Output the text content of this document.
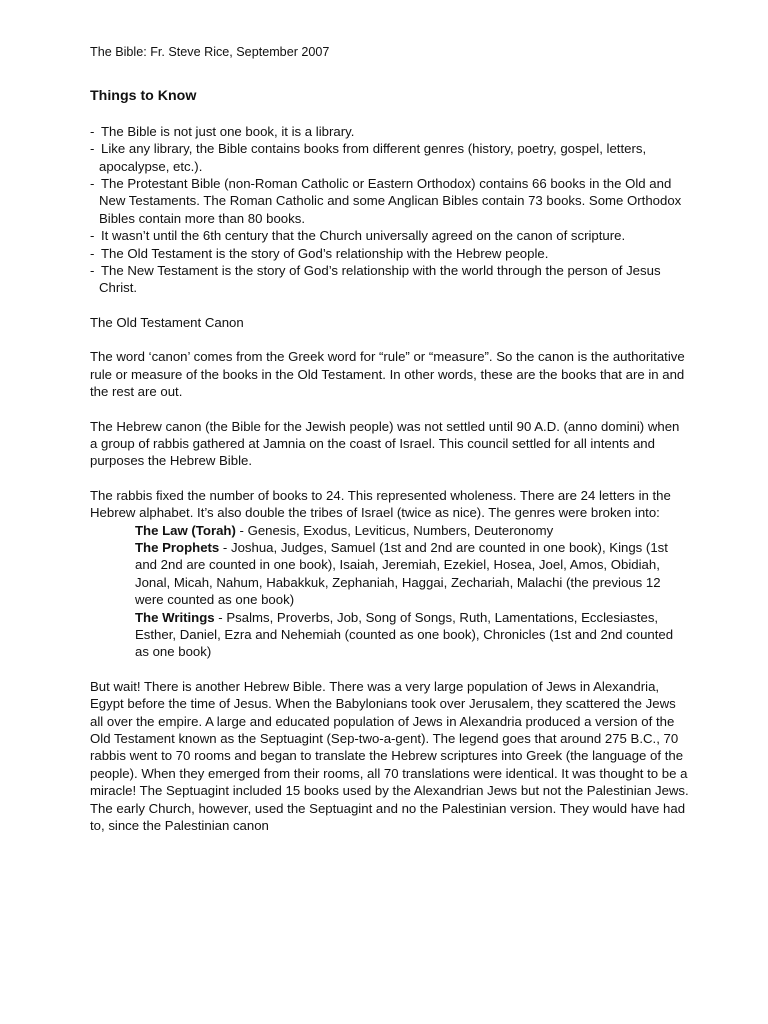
The Bible: Fr. Steve Rice, September 2007
Things to Know
- The Bible is not just one book, it is a library.
- Like any library, the Bible contains books from different genres (history, poetry, gospel, letters, apocalypse, etc.).
- The Protestant Bible (non-Roman Catholic or Eastern Orthodox) contains 66 books in the Old and New Testaments. The Roman Catholic and some Anglican Bibles contain 73 books. Some Orthodox Bibles contain more than 80 books.
- It wasn’t until the 6th century that the Church universally agreed on the canon of scripture.
- The Old Testament is the story of God’s relationship with the Hebrew people.
- The New Testament is the story of God’s relationship with the world through the person of Jesus Christ.
The Old Testament Canon

The word ‘canon’ comes from the Greek word for “rule” or “measure”. So the canon is the authoritative rule or measure of the books in the Old Testament. In other words, these are the books that are in and the rest are out.

The Hebrew canon (the Bible for the Jewish people) was not settled until 90 A.D. (anno domini) when a group of rabbis gathered at Jamnia on the coast of Israel. This council settled for all intents and purposes the Hebrew Bible.

The rabbis fixed the number of books to 24. This represented wholeness. There are 24 letters in the Hebrew alphabet. It’s also double the tribes of Israel (twice as nice). The genres were broken into:

The Law (Torah) - Genesis, Exodus, Leviticus, Numbers, Deuteronomy
The Prophets - Joshua, Judges, Samuel (1st and 2nd are counted in one book), Kings (1st and 2nd are counted in one book), Isaiah, Jeremiah, Ezekiel, Hosea, Joel, Amos, Obidiah, Jonal, Micah, Nahum, Habakkuk, Zephaniah, Haggai, Zechariah, Malachi (the previous 12 were counted as one book)
The Writings - Psalms, Proverbs, Job, Song of Songs, Ruth, Lamentations, Ecclesiastes, Esther, Daniel, Ezra and Nehemiah (counted as one book), Chronicles (1st and 2nd counted as one book)

But wait! There is another Hebrew Bible. There was a very large population of Jews in Alexandria, Egypt before the time of Jesus. When the Babylonians took over Jerusalem, they scattered the Jews all over the empire. A large and educated population of Jews in Alexandria produced a version of the Old Testament known as the Septuagint (Sep-two-a-gent). The legend goes that around 275 B.C., 70 rabbis went to 70 rooms and began to translate the Hebrew scriptures into Greek (the language of the people). When they emerged from their rooms, all 70 translations were identical. It was thought to be a miracle! The Septuagint included 15 books used by the Alexandrian Jews but not the Palestinian Jews. The early Church, however, used the Septuagint and no the Palestinian version. They would have had to, since the Palestinian canon
